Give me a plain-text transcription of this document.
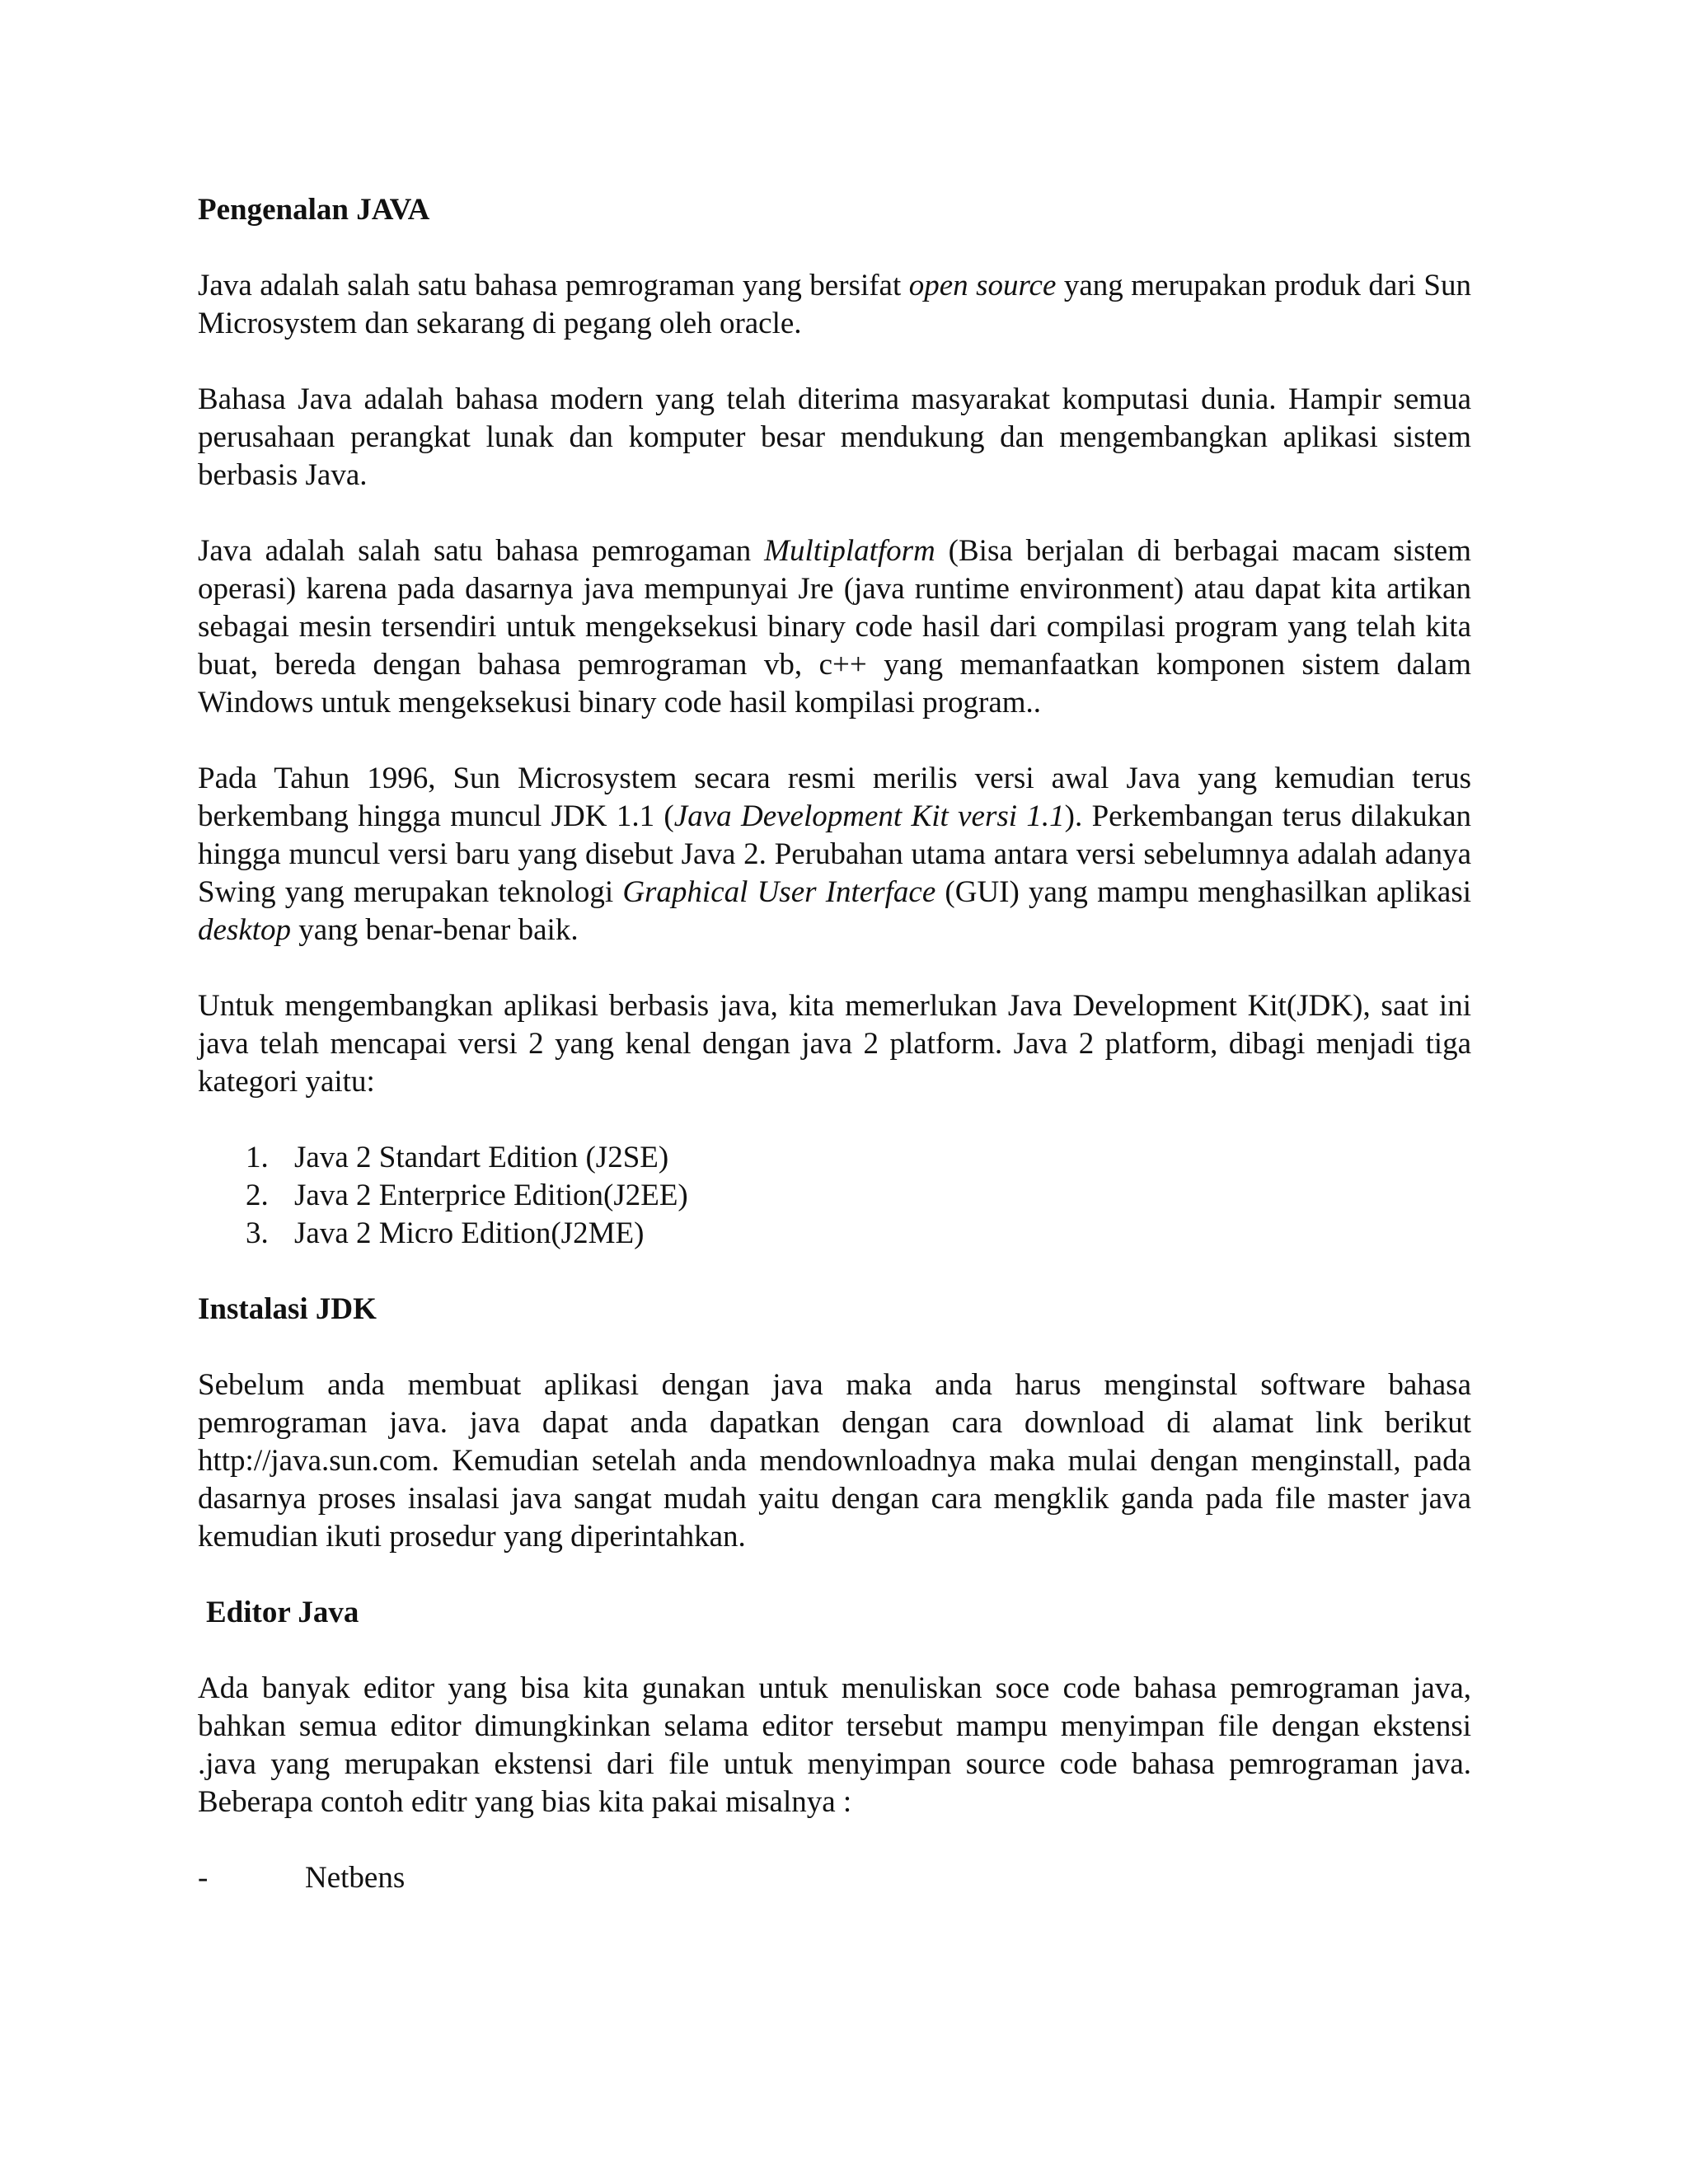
Pengenalan JAVA

Java adalah salah satu bahasa pemrograman yang bersifat open source yang merupakan produk dari Sun Microsystem dan sekarang di pegang oleh oracle.

Bahasa Java adalah bahasa modern yang telah diterima masyarakat komputasi dunia. Hampir semua perusahaan perangkat lunak dan komputer besar mendukung dan mengembangkan aplikasi sistem berbasis Java.

Java adalah salah satu bahasa pemrogaman Multiplatform (Bisa berjalan di berbagai macam sistem operasi) karena pada dasarnya java mempunyai Jre (java runtime environment) atau dapat kita artikan sebagai mesin tersendiri untuk mengeksekusi binary code hasil dari compilasi program yang telah kita buat, bereda dengan bahasa pemrograman vb, c++ yang memanfaatkan komponen sistem dalam Windows untuk mengeksekusi binary code hasil kompilasi program..

Pada Tahun 1996, Sun Microsystem secara resmi merilis versi awal Java yang kemudian terus berkembang hingga muncul JDK 1.1 (Java Development Kit versi 1.1). Perkembangan terus dilakukan hingga muncul versi baru yang disebut Java 2. Perubahan utama antara versi sebelumnya adalah adanya Swing yang merupakan teknologi Graphical User Interface (GUI) yang mampu menghasilkan aplikasi desktop yang benar-benar baik.

Untuk mengembangkan aplikasi berbasis java, kita memerlukan Java Development Kit(JDK), saat ini java telah mencapai versi 2 yang kenal dengan java 2 platform. Java 2 platform, dibagi menjadi tiga kategori yaitu:

1. Java 2 Standart Edition (J2SE)
2. Java 2 Enterprice Edition(J2EE)
3. Java 2 Micro Edition(J2ME)
Instalasi JDK

Sebelum anda membuat aplikasi dengan java maka anda harus menginstal software bahasa pemrograman java. java dapat anda dapatkan dengan cara download di alamat link berikut http://java.sun.com. Kemudian setelah anda mendownloadnya maka mulai dengan menginstall, pada dasarnya proses insalasi java sangat mudah yaitu dengan cara mengklik ganda pada file master java kemudian ikuti prosedur yang diperintahkan.

Editor Java

Ada banyak editor yang bisa kita gunakan untuk menuliskan soce code bahasa pemrograman java, bahkan semua editor dimungkinkan selama editor tersebut mampu menyimpan file dengan ekstensi .java yang merupakan ekstensi dari file untuk menyimpan source code bahasa pemrograman java. Beberapa contoh editr yang bias kita pakai misalnya :

-	Netbens
